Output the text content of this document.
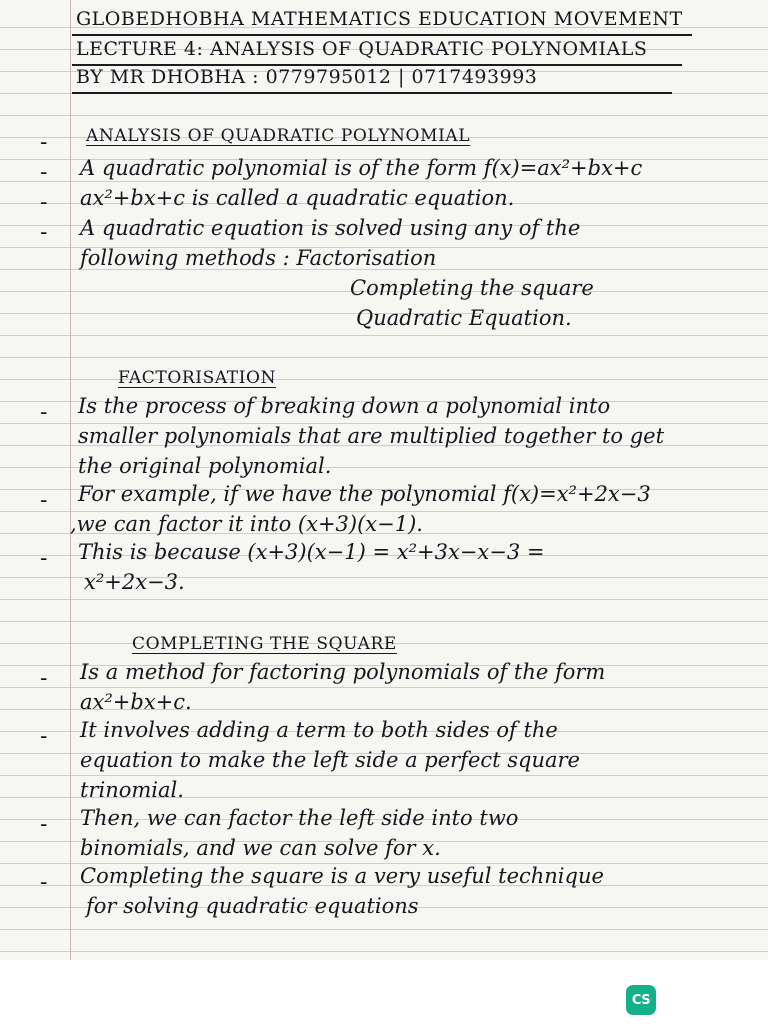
GLOBEDHOBHA MATHEMATICS EDUCATION MOVEMENT
LECTURE 4: ANALYSIS OF QUADRATIC POLYNOMIALS
BY MR DHOBHA : 0779795012 | 0717493993
- ANALYSIS OF QUADRATIC POLYNOMIAL
- A quadratic polynomial is of the form f(x)=ax²+bx+c
- ax²+bx+c is called a quadratic equation.
- A quadratic equation is solved using any of the
following methods : Factorisation
Completing the square
Quadratic Equation.
FACTORISATION
- Is the process of breaking down a polynomial into
smaller polynomials that are multiplied together to get
the original polynomial.
- For example, if we have the polynomial f(x)=x²+2x−3
,we can factor it into (x+3)(x−1).
- This is because (x+3)(x−1) = x²+3x−x−3 =
x²+2x−3.
COMPLETING THE SQUARE
- Is a method for factoring polynomials of the form
ax²+bx+c.
- It involves adding a term to both sides of the
equation to make the left side a perfect square
trinomial.
- Then, we can factor the left side into two
binomials, and we can solve for x.
- Completing the square is a very useful technique
for solving quadratic equations
CS
